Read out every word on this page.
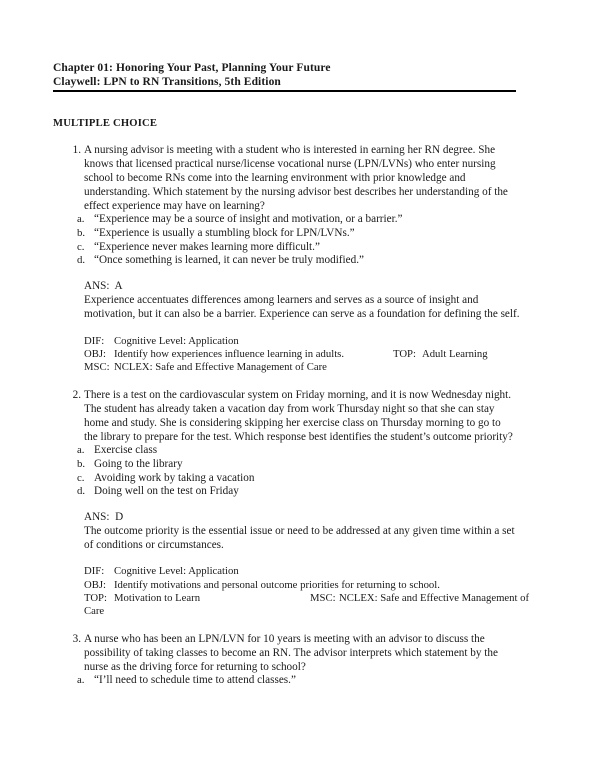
Chapter 01: Honoring Your Past, Planning Your Future
Claywell: LPN to RN Transitions, 5th Edition
MULTIPLE CHOICE
1. A nursing advisor is meeting with a student who is interested in earning her RN degree. She knows that licensed practical nurse/license vocational nurse (LPN/LVNs) who enter nursing school to become RNs come into the learning environment with prior knowledge and understanding. Which statement by the nursing advisor best describes her understanding of the effect experience may have on learning?
a. “Experience may be a source of insight and motivation, or a barrier.”
b. “Experience is usually a stumbling block for LPN/LVNs.”
c. “Experience never makes learning more difficult.”
d. “Once something is learned, it can never be truly modified.”
ANS: A
Experience accentuates differences among learners and serves as a source of insight and motivation, but it can also be a barrier. Experience can serve as a foundation for defining the self.
DIF: Cognitive Level: Application
OBJ: Identify how experiences influence learning in adults.	TOP: Adult Learning
MSC: NCLEX: Safe and Effective Management of Care
2. There is a test on the cardiovascular system on Friday morning, and it is now Wednesday night. The student has already taken a vacation day from work Thursday night so that she can stay home and study. She is considering skipping her exercise class on Thursday morning to go to the library to prepare for the test. Which response best identifies the student’s outcome priority?
a. Exercise class
b. Going to the library
c. Avoiding work by taking a vacation
d. Doing well on the test on Friday
ANS: D
The outcome priority is the essential issue or need to be addressed at any given time within a set of conditions or circumstances.
DIF: Cognitive Level: Application
OBJ: Identify motivations and personal outcome priorities for returning to school.
TOP: Motivation to Learn	MSC: NCLEX: Safe and Effective Management of
Care
3. A nurse who has been an LPN/LVN for 10 years is meeting with an advisor to discuss the possibility of taking classes to become an RN. The advisor interprets which statement by the nurse as the driving force for returning to school?
a. “I’ll need to schedule time to attend classes.”
